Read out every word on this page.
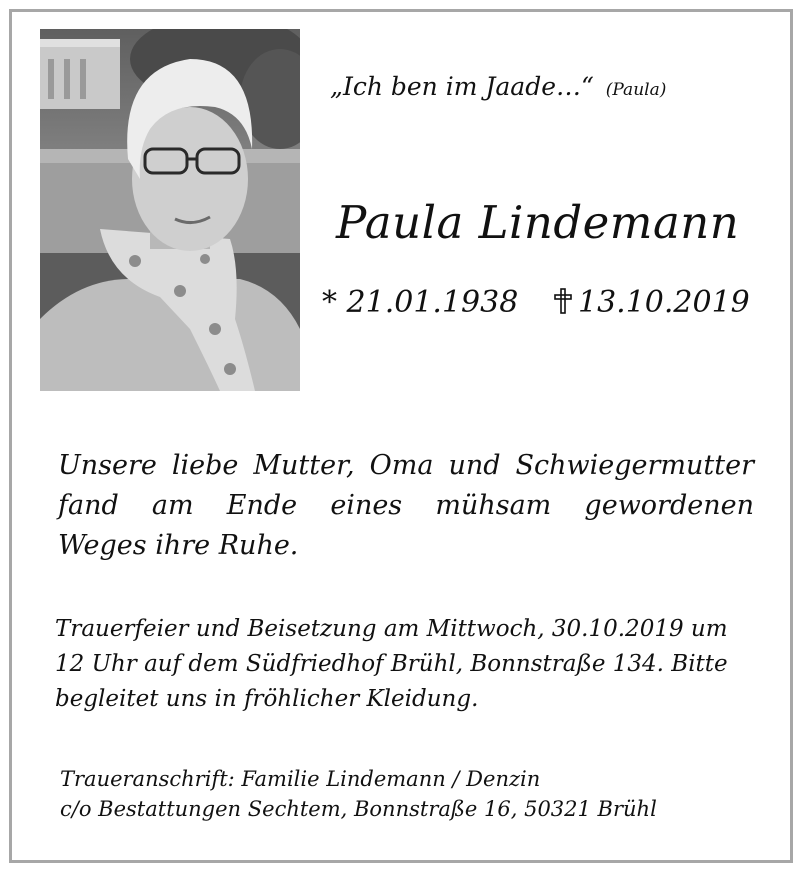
„Ich ben im Jaade…“ (Paula)
Paula Lindemann
* 21.01.1938	13.10.2019
Unsere liebe Mutter, Oma und Schwiegermutter
fand am Ende eines mühsam gewordenen
Weges ihre Ruhe.
Trauerfeier und Beisetzung am Mittwoch, 30.10.2019 um
12 Uhr auf dem Südfriedhof Brühl, Bonnstraße 134. Bitte
begleitet uns in fröhlicher Kleidung.
Traueranschrift: Familie Lindemann / Denzin
c/o Bestattungen Sechtem, Bonnstraße 16, 50321 Brühl
